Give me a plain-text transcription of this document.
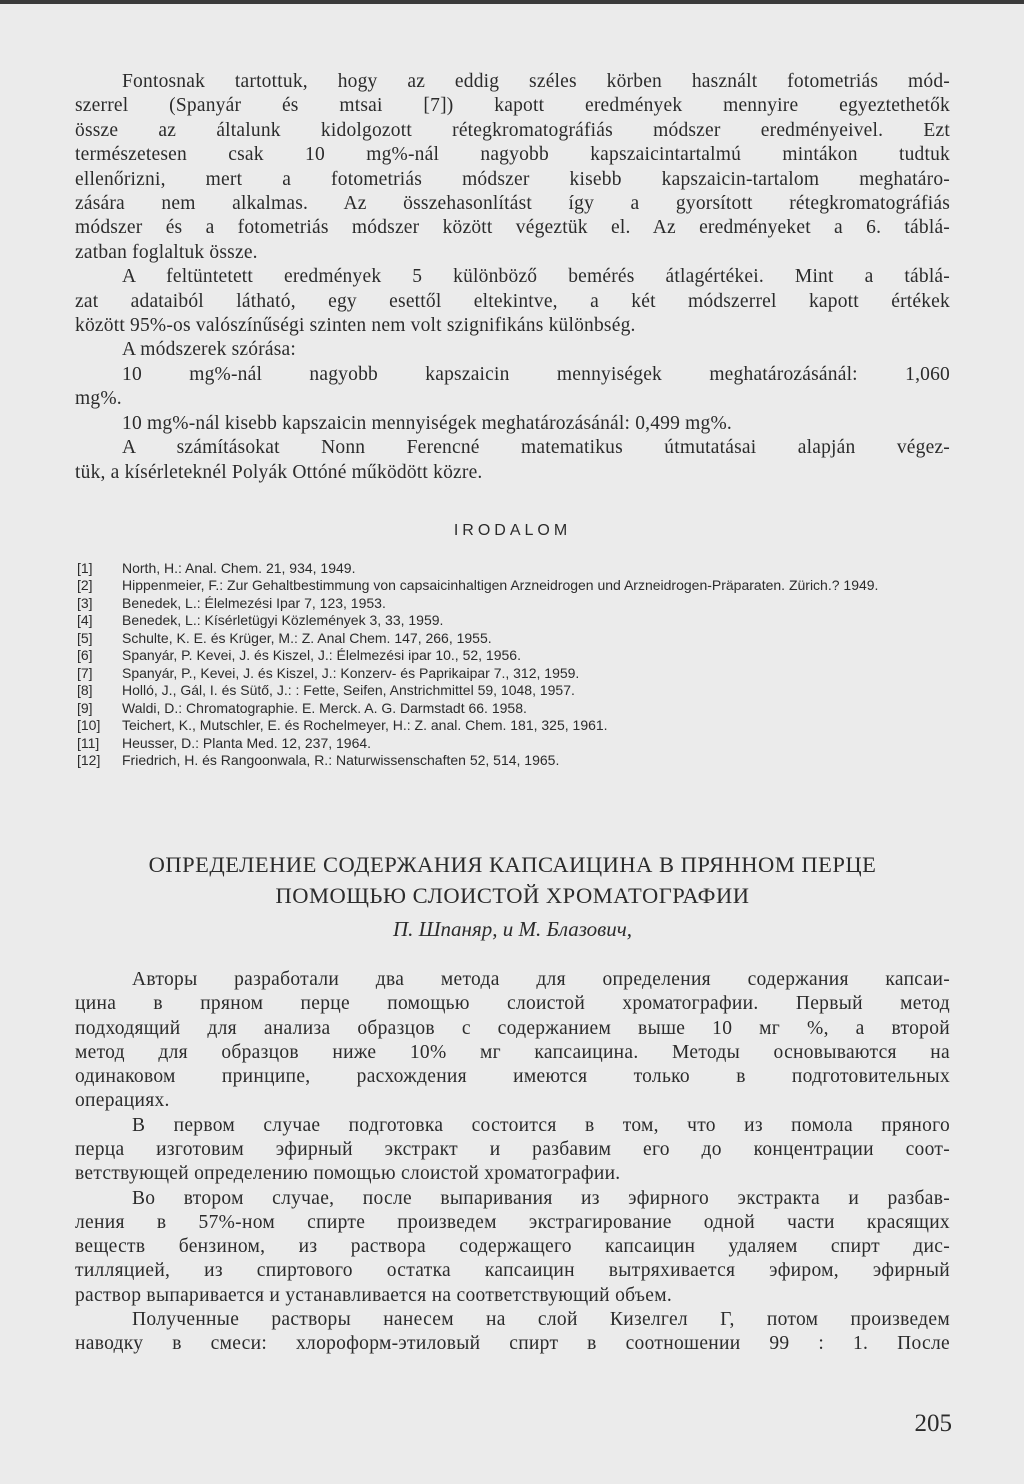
Fontosnak tartottuk, hogy az eddig széles körben használt fotometriás mód-

szerrel (Spanyár és mtsai [7]) kapott eredmények mennyire egyeztethetők

össze az általunk kidolgozott rétegkromatográfiás módszer eredményeivel. Ezt

természetesen csak 10 mg%-nál nagyobb kapszaicintartalmú mintákon tudtuk

ellenőrizni, mert a fotometriás módszer kisebb kapszaicin-tartalom meghatáro-

zására nem alkalmas. Az összehasonlítást így a gyorsított rétegkromatográfiás

módszer és a fotometriás módszer között végeztük el. Az eredményeket a 6. táblá-

zatban foglaltuk össze.

A feltüntetett eredmények 5 különböző bemérés átlagértékei. Mint a táblá-

zat adataiból látható, egy esettől eltekintve, a két módszerrel kapott értékek

között 95%-os valószínűségi szinten nem volt szignifikáns különbség.

A módszerek szórása:

10 mg%-nál nagyobb kapszaicin mennyiségek meghatározásánál: 1,060

mg%.

10 mg%-nál kisebb kapszaicin mennyiségek meghatározásánál: 0,499 mg%.

A számításokat Nonn Ferencné matematikus útmutatásai alapján végez-

tük, a kísérleteknél Polyák Ottóné működött közre.

IRODALOM
[1]	North, H.: Anal. Chem. 21, 934, 1949.
[2]	Hippenmeier, F.: Zur Gehaltbestimmung von capsaicinhaltigen Arzneidrogen und Arzneidrogen-Präparaten. Zürich.? 1949.
[3]	Benedek, L.: Élelmezési Ipar 7, 123, 1953.
[4]	Benedek, L.: Kísérletügyi Közlemények 3, 33, 1959.
[5]	Schulte, K. E. és Krüger, M.: Z. Anal Chem. 147, 266, 1955.
[6]	Spanyár, P. Kevei, J. és Kiszel, J.: Élelmezési ipar 10., 52, 1956.
[7]	Spanyár, P., Kevei, J. és Kiszel, J.: Konzerv- és Paprikaipar 7., 312, 1959.
[8]	Holló, J., Gál, I. és Sütő, J.: : Fette, Seifen, Anstrichmittel 59, 1048, 1957.
[9]	Waldi, D.: Chromatographie. E. Merck. A. G. Darmstadt 66. 1958.
[10]	Teichert, K., Mutschler, E. és Rochelmeyer, H.: Z. anal. Chem. 181, 325, 1961.
[11]	Heusser, D.: Planta Med. 12, 237, 1964.
[12]	Friedrich, H. és Rangoonwala, R.: Naturwissenschaften 52, 514, 1965.
ОПРЕДЕЛЕНИЕ СОДЕРЖАНИЯ КАПСАИЦИНА В ПРЯННОМ ПЕРЦЕ
ПОМОЩЬЮ СЛОИСТОЙ ХРОМАТОГРАФИИ
П. Шпаняр, и М. Блазович,

Авторы разработали два метода для определения содержания капсаи-

цина в пряном перце помощью слоистой хроматографии. Первый метод

подходящий для анализа образцов с содержанием выше 10 мг %, а второй

метод для образцов ниже 10% мг капсаицина. Методы основываются на

одинаковом принципе, расхождения имеются только в подготовительных

операциях.

В первом случае подготовка состоится в том, что из помола пряного

перца изготовим эфирный экстракт и разбавим его до концентрации соот-

ветствующей определению помощью слоистой хроматографии.

Во втором случае, после выпаривания из эфирного экстракта и разбав-

ления в 57%-ном спирте произведем экстрагирование одной части красящих

веществ бензином, из раствора содержащего капсаицин удаляем спирт дис-

тилляцией, из спиртового остатка капсаицин вытряхивается эфиром, эфирный

раствор выпаривается и устанавливается на соответствующий объем.

Полученные растворы нанесем на слой Кизелгел Г, потом произведем

наводку в смеси: хлороформ-этиловый спирт в соотношении 99 : 1. После

205
